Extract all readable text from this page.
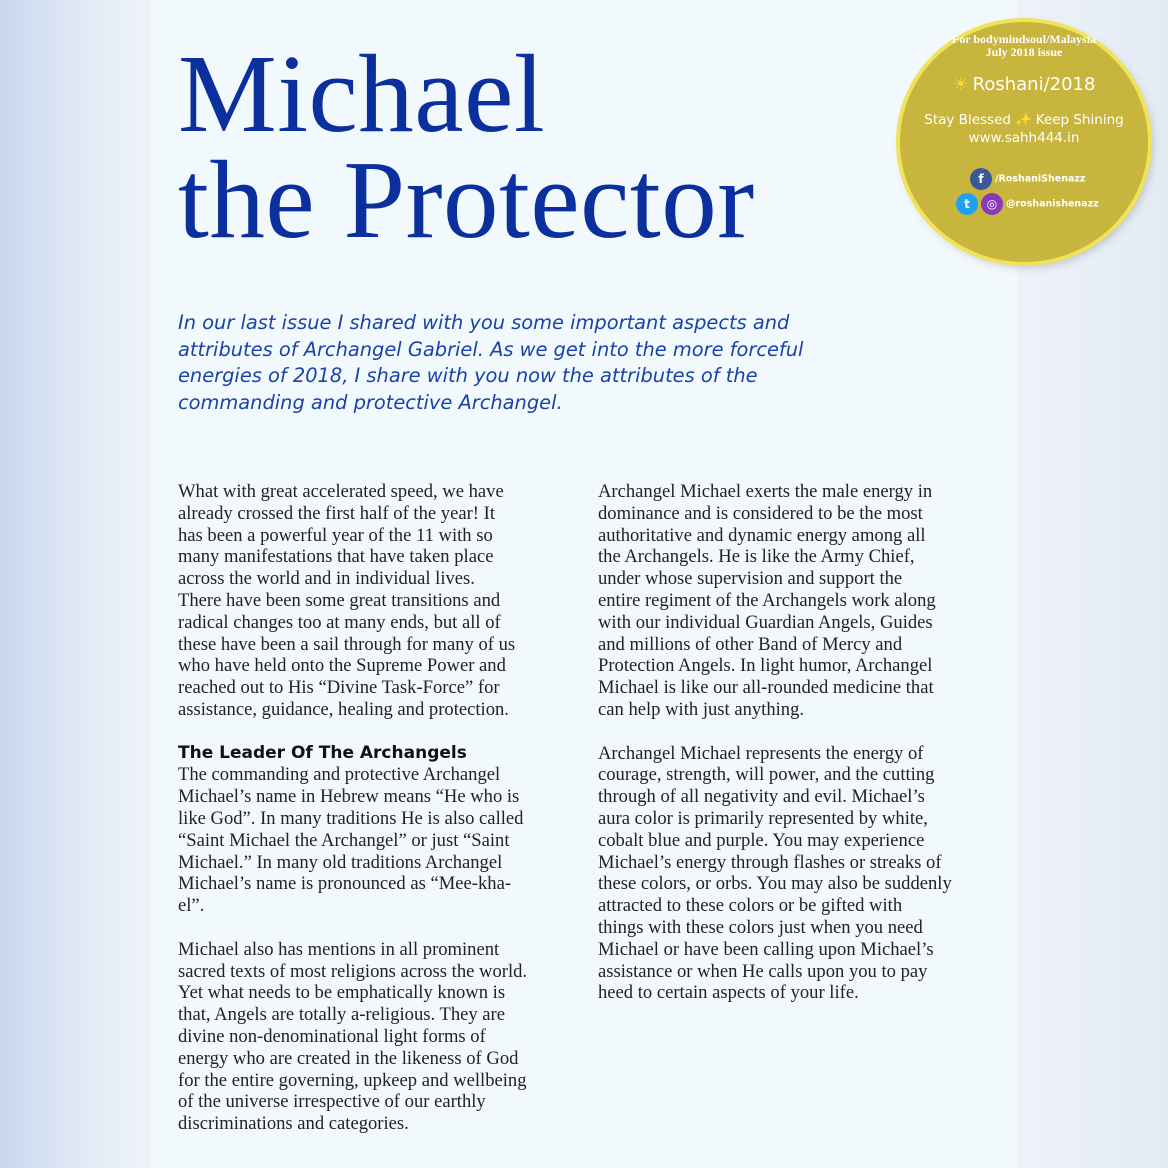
Michael
the Protector

In our last issue I shared with you some important aspects and attributes of Archangel Gabriel. As we get into the more forceful energies of 2018, I share with you now the attributes of the commanding and protective Archangel.

What with great accelerated speed, we have
already crossed the first half of the year! It
has been a powerful year of the 11 with so
many manifestations that have taken place
across the world and in individual lives.
There have been some great transitions and
radical changes too at many ends, but all of
these have been a sail through for many of us
who have held onto the Supreme Power and
reached out to His “Divine Task-Force” for
assistance, guidance, healing and protection.

The Leader Of The Archangels

The commanding and protective Archangel
Michael’s name in Hebrew means “He who is
like God”. In many traditions He is also called
“Saint Michael the Archangel” or just “Saint
Michael.” In many old traditions Archangel
Michael’s name is pronounced as “Mee-kha-
el”.

Michael also has mentions in all prominent
sacred texts of most religions across the world.
Yet what needs to be emphatically known is
that, Angels are totally a-religious. They are
divine non-denominational light forms of
energy who are created in the likeness of God
for the entire governing, upkeep and wellbeing
of the universe irrespective of our earthly
discriminations and categories.

Archangel Michael exerts the male energy in
dominance and is considered to be the most
authoritative and dynamic energy among all
the Archangels. He is like the Army Chief,
under whose supervision and support the
entire regiment of the Archangels work along
with our individual Guardian Angels, Guides
and millions of other Band of Mercy and
Protection Angels. In light humor, Archangel
Michael is like our all-rounded medicine that
can help with just anything.

Archangel Michael represents the energy of
courage, strength, will power, and the cutting
through of all negativity and evil. Michael’s
aura color is primarily represented by white,
cobalt blue and purple. You may experience
Michael’s energy through flashes or streaks of
these colors, or orbs. You may also be suddenly
attracted to these colors or be gifted with
things with these colors just when you need
Michael or have been calling upon Michael’s
assistance or when He calls upon you to pay
heed to certain aspects of your life.

For bodymindsoul/Malaysia
July 2018 issue
☀ Roshani/2018
Stay Blessed ✨ Keep Shining
www.sahh444.in
f /RoshaniShenazz
t ◎ @roshanishenazz
